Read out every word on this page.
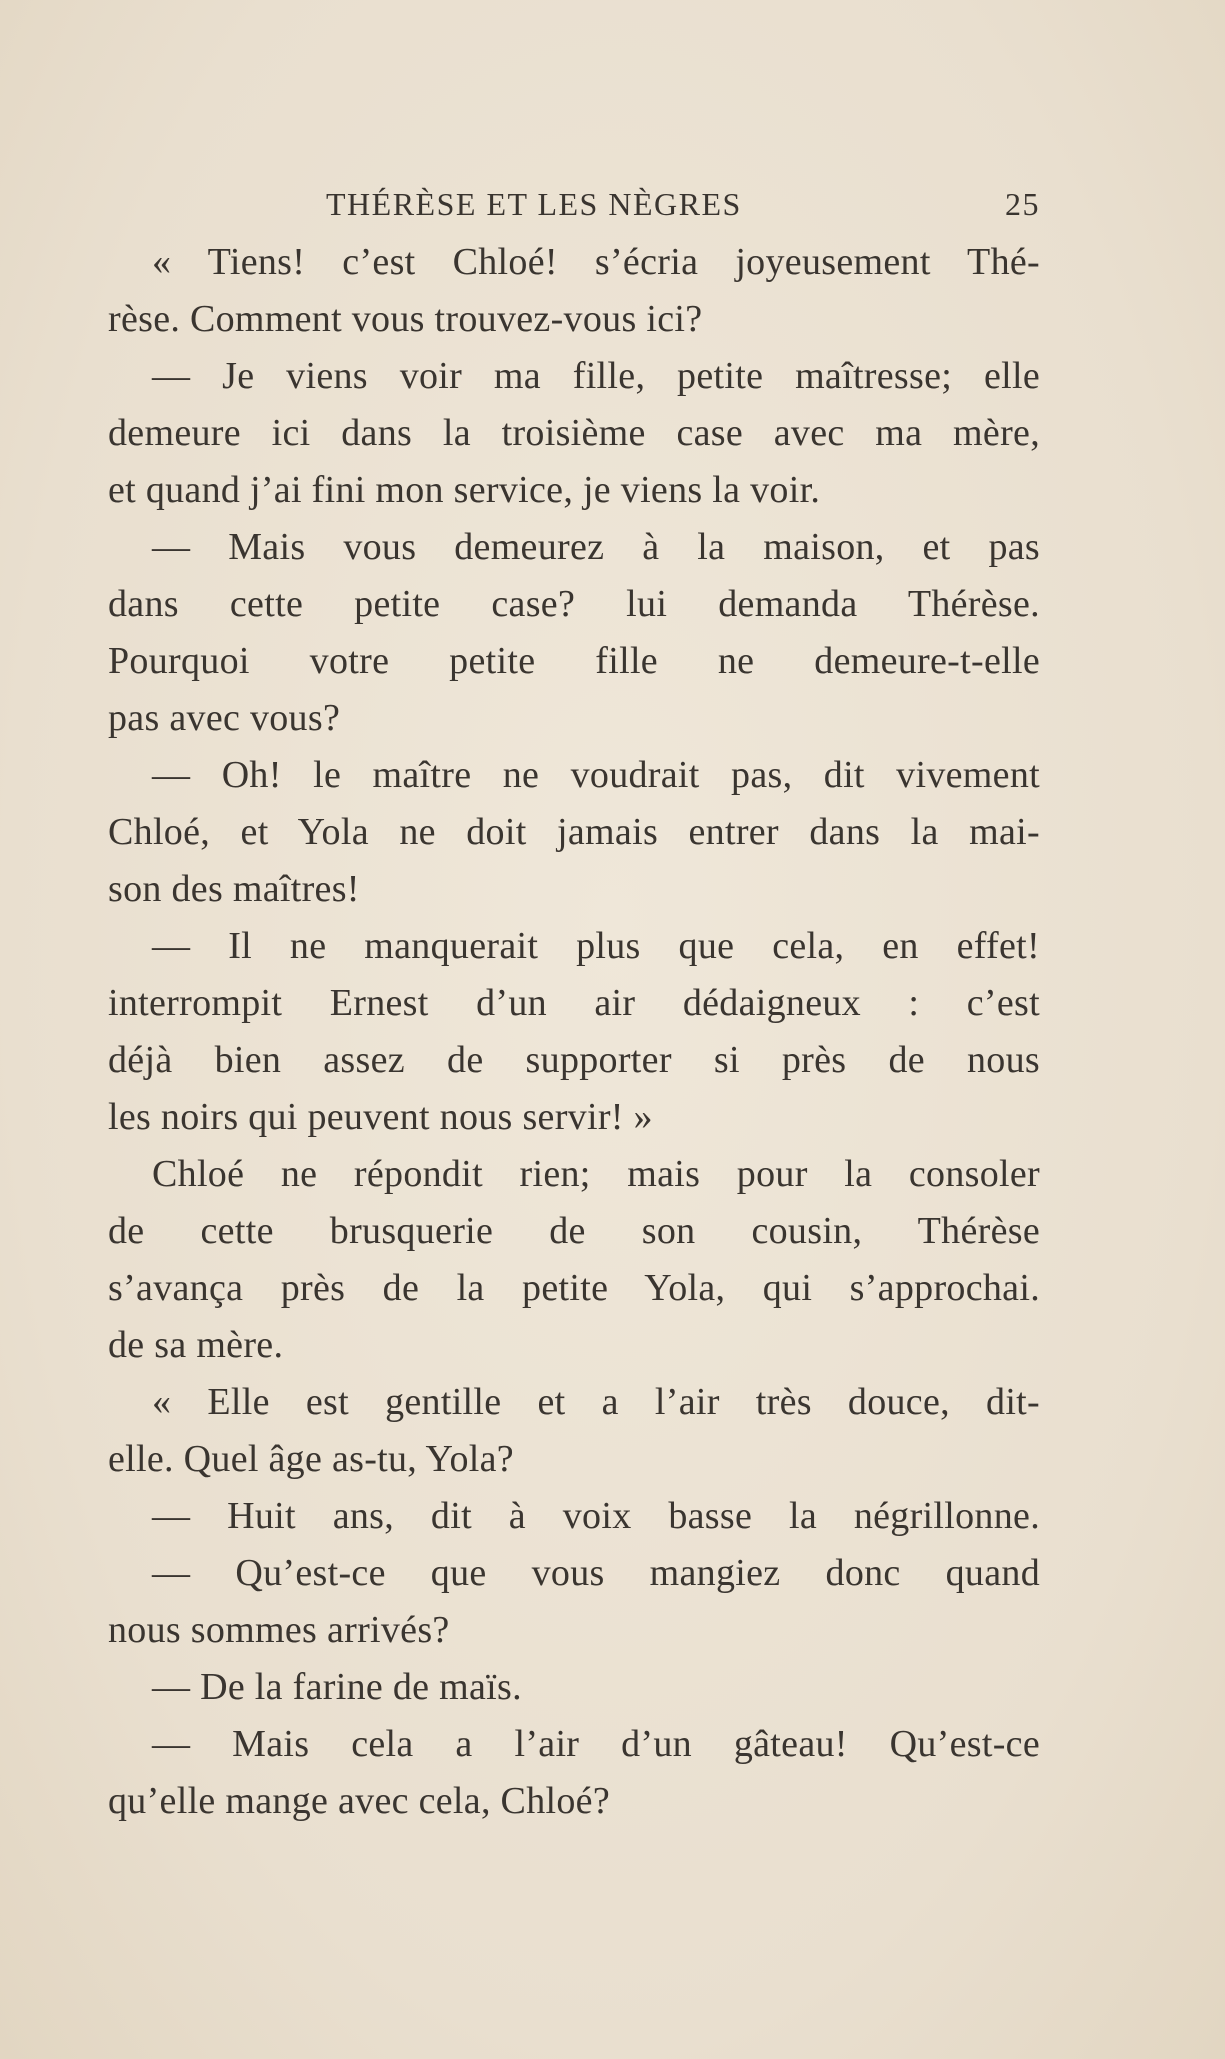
THÉRÈSE ET LES NÈGRES	25

« Tiens! c’est Chloé! s’écria joyeusement Thé-
rèse. Comment vous trouvez-vous ici?

— Je viens voir ma fille, petite maîtresse; elle
demeure ici dans la troisième case avec ma mère,
et quand j’ai fini mon service, je viens la voir.

— Mais vous demeurez à la maison, et pas
dans cette petite case? lui demanda Thérèse.
Pourquoi votre petite fille ne demeure-t-elle
pas avec vous?

— Oh! le maître ne voudrait pas, dit vivement
Chloé, et Yola ne doit jamais entrer dans la mai-
son des maîtres!

— Il ne manquerait plus que cela, en effet!
interrompit Ernest d’un air dédaigneux : c’est
déjà bien assez de supporter si près de nous
les noirs qui peuvent nous servir! »

Chloé ne répondit rien; mais pour la consoler
de cette brusquerie de son cousin, Thérèse
s’avança près de la petite Yola, qui s’approchai.
de sa mère.

« Elle est gentille et a l’air très douce, dit-
elle. Quel âge as-tu, Yola?

— Huit ans, dit à voix basse la négrillonne.

— Qu’est-ce que vous mangiez donc quand
nous sommes arrivés?

— De la farine de maïs.

— Mais cela a l’air d’un gâteau! Qu’est-ce
qu’elle mange avec cela, Chloé?
